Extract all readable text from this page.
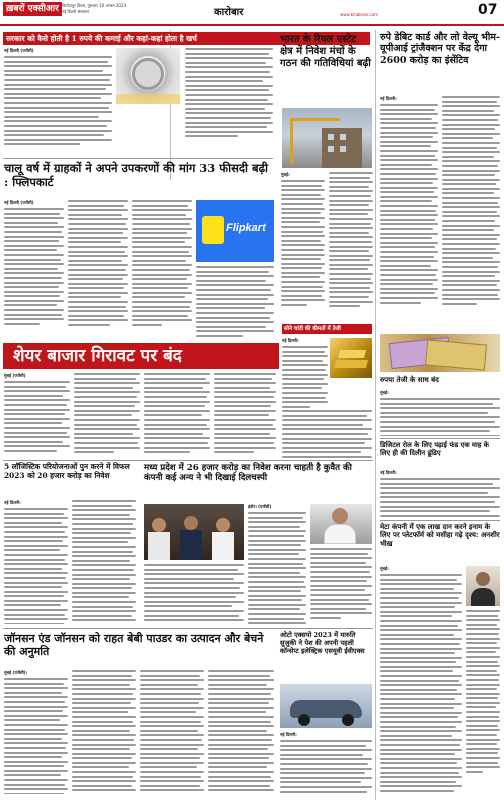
ख़बरों एक्सीआर फिरोजपुर दिवस, गुरूवार 10 अगस्त 2023
नई दिल्ली संस्करण	कारोबार	www.khabrexr.com	07
सरकार को कैसे होती है 1 रुपये की कमाई और कहां-कहां होता है खर्च
नई दिल्ली (एजेंसी)
भारत के रियल एस्टेट क्षेत्र में निवेश मंचों के गठन की गतिविधियां बढ़ी
मुंबई।
चालू वर्ष में ग्राहकों ने अपने उपकरणों की मांग 33 फीसदी बढ़ी : फ्लिपकार्ट
नई दिल्ली (एजेंसी)
Flipkart
शेयर बाजार गिरावट पर बंद
मुंबई (एजेंसी)
सोने चांदी की कीमतों में तेजी
नई दिल्ली।
रुपे डेबिट कार्ड और लो वेल्यू भीम-यूपीआई ट्रांजैक्शन पर केंद्र देगा 2600 करोड़ का इंसेंटिव
नई दिल्ली।
रुपया तेजी के साथ बंद
मुंबई।
डिजिटल रोल के लिए पढ़ाई फंड एक माह के लिए ही की दिलीन ढूंढिए
नई दिल्ली।
मेटा कंपनी में एक लाख दान करने इनाम के लिए पर प्लेटफॉर्म को मसीहा गढ़े दृश्य: अनशीर भीख
मुंबई।
5 लॉजिस्टिक परियोजनाओं पुन करने में विफल 2023 को 20 हजार करोड़ का निवेश
नई दिल्ली।
मध्य प्रदेश में 26 हजार करोड़ का निवेश करना चाहती है कुवैत की कंपनी कई अन्य ने भी दिखाई दिलचस्पी
इंदौर। (एजेंसी)
जॉनसन एंड जॉनसन को राहत बेबी पाउडर का उत्पादन और बेचने की अनुमति
मुंबई (एजेंसी)।
ओटो एक्सपो 2023 में मारुति सुजुकी ने पेश की अपनी पहली कॉन्सेप्ट इलेक्ट्रिक एसयूवी ईवीएक्स
नई दिल्ली।
